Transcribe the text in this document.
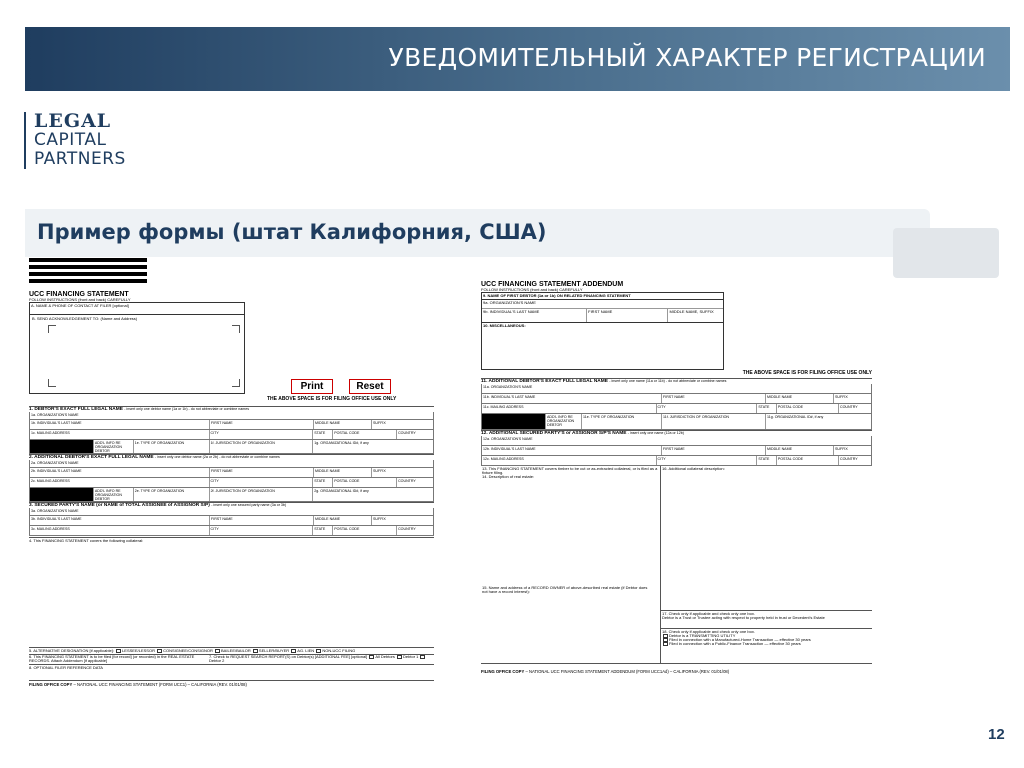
УВЕДОМИТЕЛЬНЫЙ ХАРАКТЕР РЕГИСТРАЦИИ
LEGAL
CAPITAL
PARTNERS
Пример формы (штат Калифорния, США)
UCC FINANCING STATEMENT
FOLLOW INSTRUCTIONS (front and back) CAREFULLY
A. NAME & PHONE OF CONTACT AT FILER [optional]
B. SEND ACKNOWLEDGEMENT TO: (Name and Address)
Print	Reset
THE ABOVE SPACE IS FOR FILING OFFICE USE ONLY
1. DEBTOR'S EXACT FULL LEGAL NAME - insert only one debtor name (1a or 1b) - do not abbreviate or combine names
1a. ORGANIZATION'S NAME
1b. INDIVIDUAL'S LAST NAME	FIRST NAME	MIDDLE NAME	SUFFIX
1c. MAILING ADDRESS	CITY	STATE	POSTAL CODE	COUNTRY
ADD'L INFO RE ORGANIZATION DEBTOR
1e. TYPE OF ORGANIZATION	1f. JURISDICTION OF ORGANIZATION	1g. ORGANIZATIONAL ID#, if any
2. ADDITIONAL DEBTOR'S EXACT FULL LEGAL NAME - insert only one debtor name (2a or 2b) - do not abbreviate or combine names
2a. ORGANIZATION'S NAME
2b. INDIVIDUAL'S LAST NAME	FIRST NAME	MIDDLE NAME	SUFFIX
2c. MAILING ADDRESS	CITY	STATE	POSTAL CODE	COUNTRY
ADD'L INFO RE ORGANIZATION DEBTOR
2e. TYPE OF ORGANIZATION	2f. JURISDICTION OF ORGANIZATION	2g. ORGANIZATIONAL ID#, if any
3. SECURED PARTY'S NAME (or NAME of TOTAL ASSIGNEE of ASSIGNOR S/P) - insert only one secured party name (3a or 3b)
3a. ORGANIZATION'S NAME
3b. INDIVIDUAL'S LAST NAME	FIRST NAME	MIDDLE NAME	SUFFIX
3c. MAILING ADDRESS	CITY	STATE	POSTAL CODE	COUNTRY
4. This FINANCING STATEMENT covers the following collateral:
5. ALTERNATIVE DESIGNATION [if applicable]: LESSEE/LESSOR CONSIGNEE/CONSIGNOR BAILEE/BAILOR SELLER/BUYER AG. LIEN NON-UCC FILING
6. This FINANCING STATEMENT is to be filed [for record] (or recorded) in the REAL ESTATE RECORDS. Attach Addendum [if applicable]
7. Check to REQUEST SEARCH REPORT(S) on Debtor(s) [ADDITIONAL FEE] [optional] All Debtors Debtor 1 Debtor 2
8. OPTIONAL FILER REFERENCE DATA
FILING OFFICE COPY – NATIONAL UCC FINANCING STATEMENT (FORM UCC1) – CALIFORNIA (REV. 01/01/08)
UCC FINANCING STATEMENT ADDENDUM
FOLLOW INSTRUCTIONS (front and back) CAREFULLY
9. NAME OF FIRST DEBTOR (1a or 1b) ON RELATED FINANCING STATEMENT
9a. ORGANIZATION'S NAME
9b. INDIVIDUAL'S LAST NAME	FIRST NAME	MIDDLE NAME, SUFFIX
10. MISCELLANEOUS:
THE ABOVE SPACE IS FOR FILING OFFICE USE ONLY
11. ADDITIONAL DEBTOR'S EXACT FULL LEGAL NAME - insert only one name (11a or 11b) - do not abbreviate or combine names
11a. ORGANIZATION'S NAME
11b. INDIVIDUAL'S LAST NAME	FIRST NAME	MIDDLE NAME	SUFFIX
11c. MAILING ADDRESS	CITY	STATE	POSTAL CODE	COUNTRY
ADD'L INFO RE ORGANIZATION DEBTOR
11e. TYPE OF ORGANIZATION	11f. JURISDICTION OF ORGANIZATION	11g. ORGANIZATIONAL ID#, if any
12. ADDITIONAL SECURED PARTY'S or ASSIGNOR S/P'S NAME - insert only one name (12a or 12b)
12a. ORGANIZATION'S NAME
12b. INDIVIDUAL'S LAST NAME	FIRST NAME	MIDDLE NAME	SUFFIX
12c. MAILING ADDRESS	CITY	STATE	POSTAL CODE	COUNTRY
13. This FINANCING STATEMENT covers timber to be cut or as-extracted collateral, or is filed as a fixture filing.
14. Description of real estate:
15. Name and address of a RECORD OWNER of above-described real estate (if Debtor does not have a record interest):
16. Additional collateral description:
17. Check only if applicable and check only one box.
Debtor is a Trust or Trustee acting with respect to property held in trust or Decedent's Estate
18. Check only if applicable and check only one box.
Debtor is a TRANSMITTING UTILITY
Filed in connection with a Manufactured-Home Transaction — effective 30 years
Filed in connection with a Public-Finance Transaction — effective 30 years
FILING OFFICE COPY – NATIONAL UCC FINANCING STATEMENT ADDENDUM (FORM UCC1Ad) – CALIFORNIA (REV. 01/01/08)
12
